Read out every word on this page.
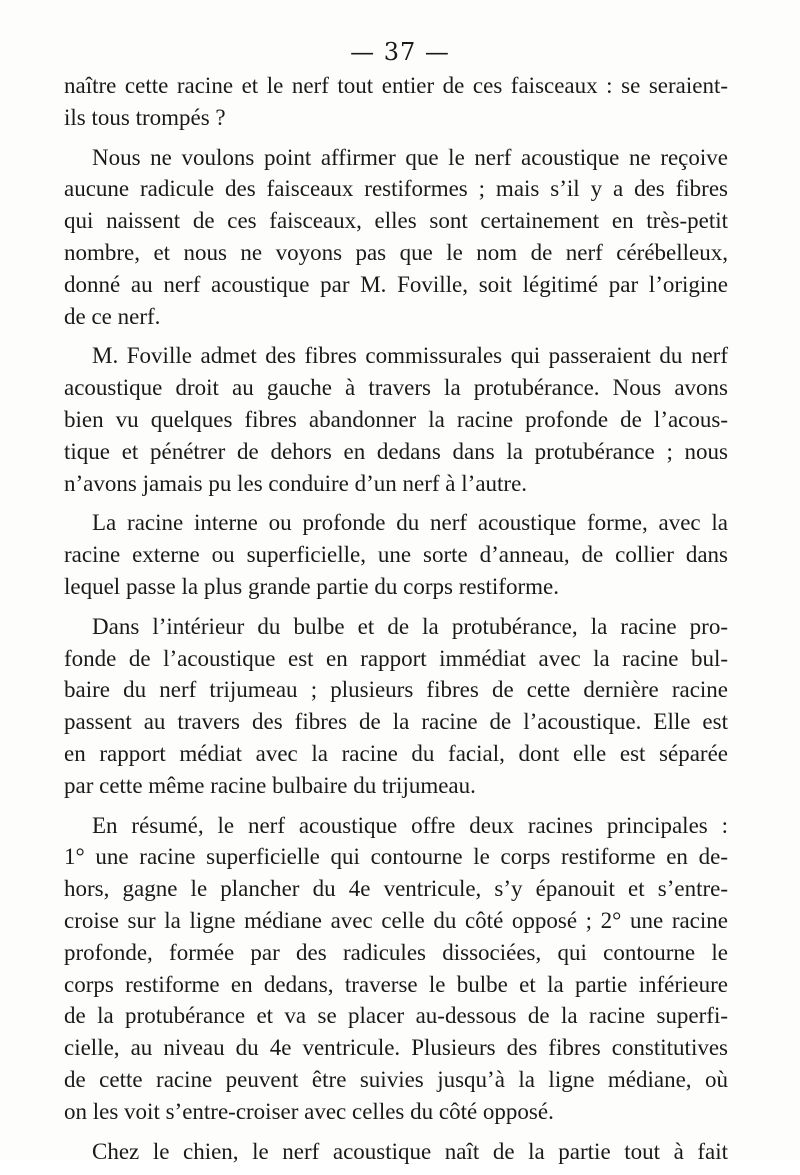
— 37 —
naître cette racine et le nerf tout entier de ces faisceaux : se seraient-
ils tous trompés ?
Nous ne voulons point affirmer que le nerf acoustique ne reçoive
aucune radicule des faisceaux restiformes ; mais s’il y a des fibres
qui naissent de ces faisceaux, elles sont certainement en très-petit
nombre, et nous ne voyons pas que le nom de nerf cérébelleux,
donné au nerf acoustique par M. Foville, soit légitimé par l’origine
de ce nerf.
M. Foville admet des fibres commissurales qui passeraient du nerf
acoustique droit au gauche à travers la protubérance. Nous avons
bien vu quelques fibres abandonner la racine profonde de l’acous-
tique et pénétrer de dehors en dedans dans la protubérance ; nous
n’avons jamais pu les conduire d’un nerf à l’autre.
La racine interne ou profonde du nerf acoustique forme, avec la
racine externe ou superficielle, une sorte d’anneau, de collier dans
lequel passe la plus grande partie du corps restiforme.
Dans l’intérieur du bulbe et de la protubérance, la racine pro-
fonde de l’acoustique est en rapport immédiat avec la racine bul-
baire du nerf trijumeau ; plusieurs fibres de cette dernière racine
passent au travers des fibres de la racine de l’acoustique. Elle est
en rapport médiat avec la racine du facial, dont elle est séparée
par cette même racine bulbaire du trijumeau.
En résumé, le nerf acoustique offre deux racines principales :
1° une racine superficielle qui contourne le corps restiforme en de-
hors, gagne le plancher du 4e ventricule, s’y épanouit et s’entre-
croise sur la ligne médiane avec celle du côté opposé ; 2° une racine
profonde, formée par des radicules dissociées, qui contourne le
corps restiforme en dedans, traverse le bulbe et la partie inférieure
de la protubérance et va se placer au-dessous de la racine superfi-
cielle, au niveau du 4e ventricule. Plusieurs des fibres constitutives
de cette racine peuvent être suivies jusqu’à la ligne médiane, où
on les voit s’entre-croiser avec celles du côté opposé.
Chez le chien, le nerf acoustique naît de la partie tout à fait
